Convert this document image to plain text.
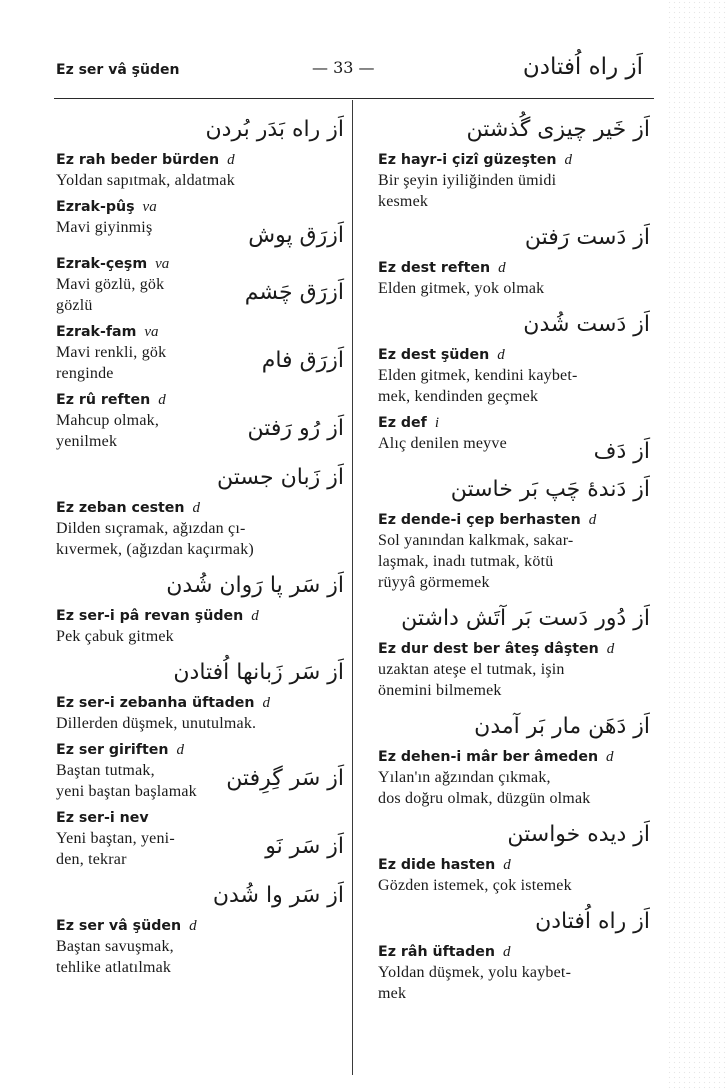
Ez ser vâ şüden	— 33 —	اَز راه اُفتادن
اَز راه بَدَر بُردن
Ez rah beder bürden d
Yoldan sapıtmak, aldatmak
Ezrak-pûş va
Mavi giyinmiş	اَزرَق پوش
Ezrak-çeşm va
Mavi gözlü, gök
gözlü
اَزرَق چَشم
Ezrak-fam va
Mavi renkli, gök
renginde
اَزرَق فام
Ez rû reften d
Mahcup olmak,
yenilmek
اَز رُو رَفتن
اَز زَبان جستن
Ez zeban cesten d
Dilden sıçramak, ağızdan çı-
kıvermek, (ağızdan kaçırmak)
اَز سَر پا رَوان شُدن
Ez ser-i pâ revan şüden d
Pek çabuk gitmek
اَز سَر زَبانها اُفتادن
Ez ser-i zebanha üftaden d
Dillerden düşmek, unutulmak.
Ez ser giriften d
Baştan tutmak,
yeni baştan başlamak
اَز سَر گِرِفتن
Ez ser-i nev
Yeni baştan, yeni-
den, tekrar
اَز سَر نَو
اَز سَر وا شُدن
Ez ser vâ şüden d
Baştan savuşmak,
tehlike atlatılmak
اَز خَیر چیزی گُذشتن
Ez hayr-i çizî güzeşten d
Bir şeyin iyiliğinden ümidi
kesmek
اَز دَست رَفتن
Ez dest reften d
Elden gitmek, yok olmak
اَز دَست شُدن
Ez dest şüden d
Elden gitmek, kendini kaybet-
mek, kendinden geçmek
Ez def i
Alıç denilen meyve	اَز دَف
اَز دَندهٔ چَپ بَر خاستن
Ez dende-i çep berhasten d
Sol yanından kalkmak, sakar-
laşmak, inadı tutmak, kötü
rüyyâ görmemek
اَز دُور دَست بَر آتَش داشتن
Ez dur dest ber âteş dâşten d
uzaktan ateşe el tutmak, işin
önemini bilmemek
اَز دَهَن مار بَر آمدن
Ez dehen-i mâr ber âmeden d
Yılan'ın ağzından çıkmak,
dos doğru olmak, düzgün olmak
اَز دیده خواستن
Ez dide hasten d
Gözden istemek, çok istemek
اَز راه اُفتادن
Ez râh üftaden d
Yoldan düşmek, yolu kaybet-
mek
